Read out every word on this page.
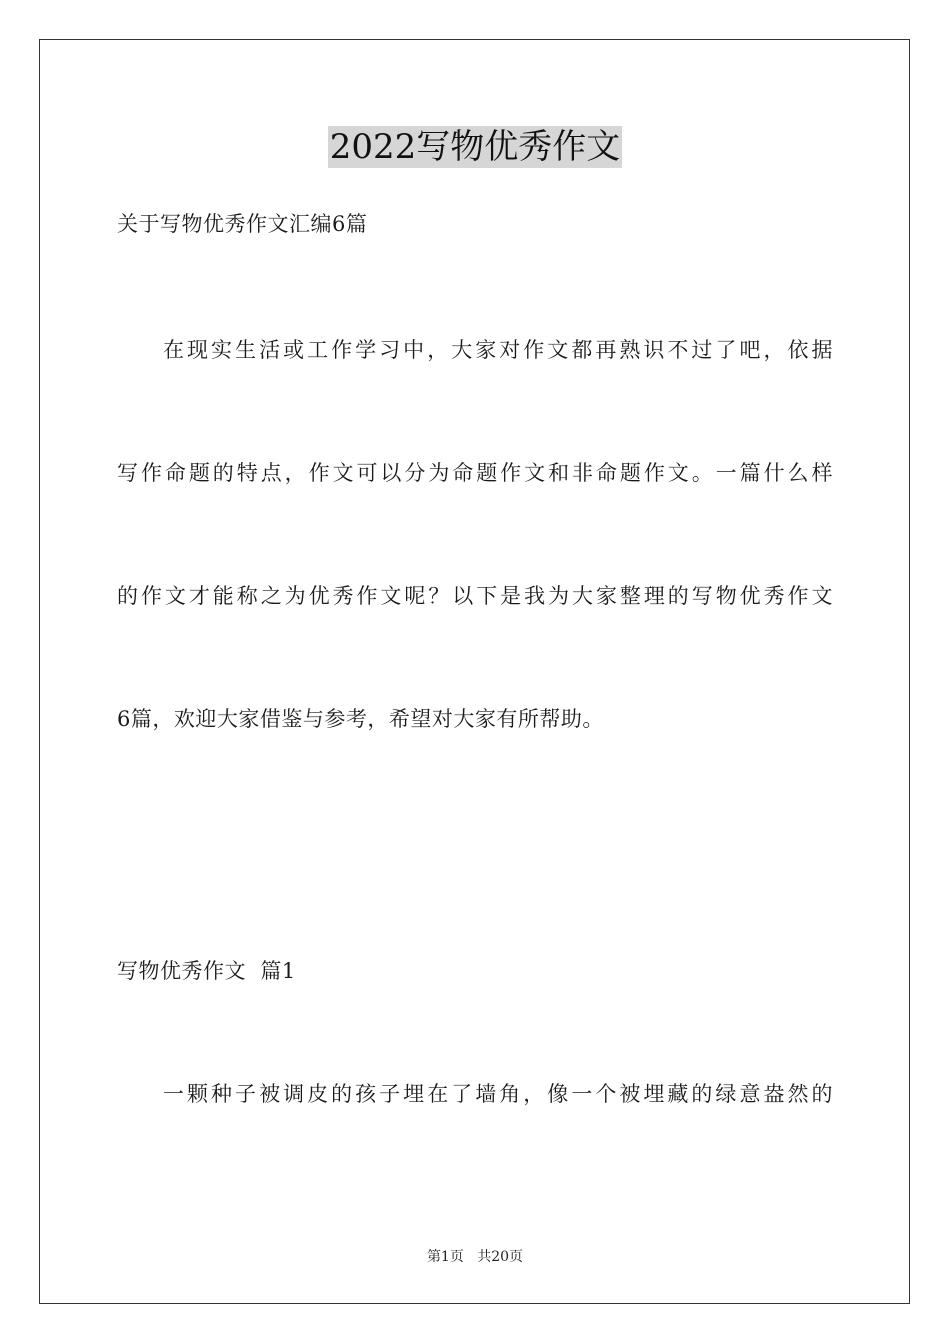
2022写物优秀作文
关于写物优秀作文汇编6篇
在现实生活或工作学习中，大家对作文都再熟识不过了吧，依据
写作命题的特点，作文可以分为命题作文和非命题作文。一篇什么样
的作文才能称之为优秀作文呢？以下是我为大家整理的写物优秀作文
6篇，欢迎大家借鉴与参考，希望对大家有所帮助。
写物优秀作文  篇1
一颗种子被调皮的孩子埋在了墙角，像一个被埋藏的绿意盎然的
第1页 共20页
